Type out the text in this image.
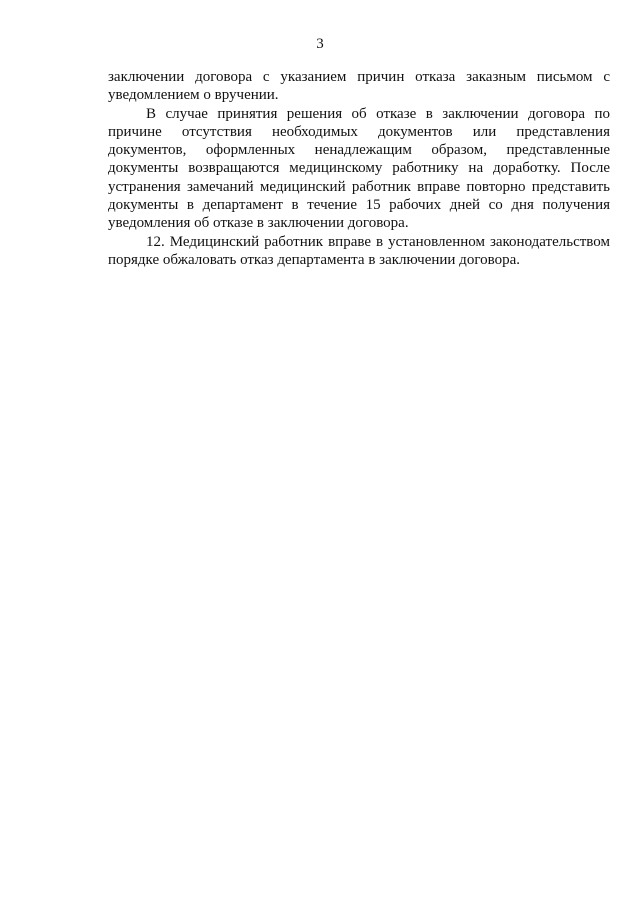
3

заключении договора с указанием причин отказа заказным письмом с уведомлением о вручении.

В случае принятия решения об отказе в заключении договора по причине отсутствия необходимых документов или представления документов, оформленных ненадлежащим образом, представленные документы возвращаются медицинскому работнику на доработку. После устранения замечаний медицинский работник вправе повторно представить документы в департамент в течение 15 рабочих дней со дня получения уведомления об отказе в заключении договора.

12. Медицинский работник вправе в установленном законодательством порядке обжаловать отказ департамента в заключении договора.
